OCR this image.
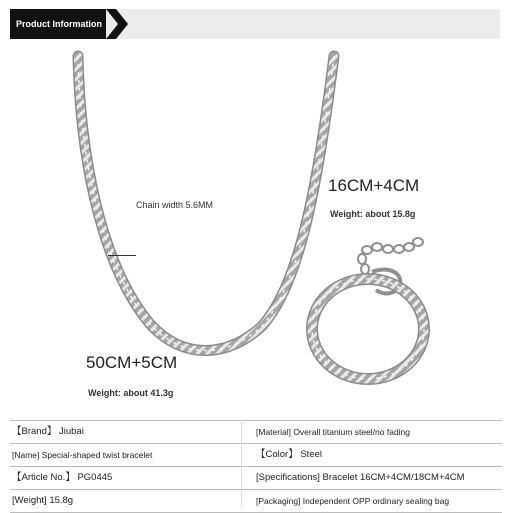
Product Information
Chain width 5.6MM
16CM+4CM
Weight: about 15.8g
50CM+5CM
Weight: about 41.3g
【Brand】 Jiubai	[Material] Overall titanium steel/no fading
[Name] Special-shaped twist bracelet	【Color】 Steel
【Article No.】 PG0445	[Specifications] Bracelet 16CM+4CM/18CM+4CM
[Weight] 15.8g	[Packaging] Independent OPP ordinary sealing bag
